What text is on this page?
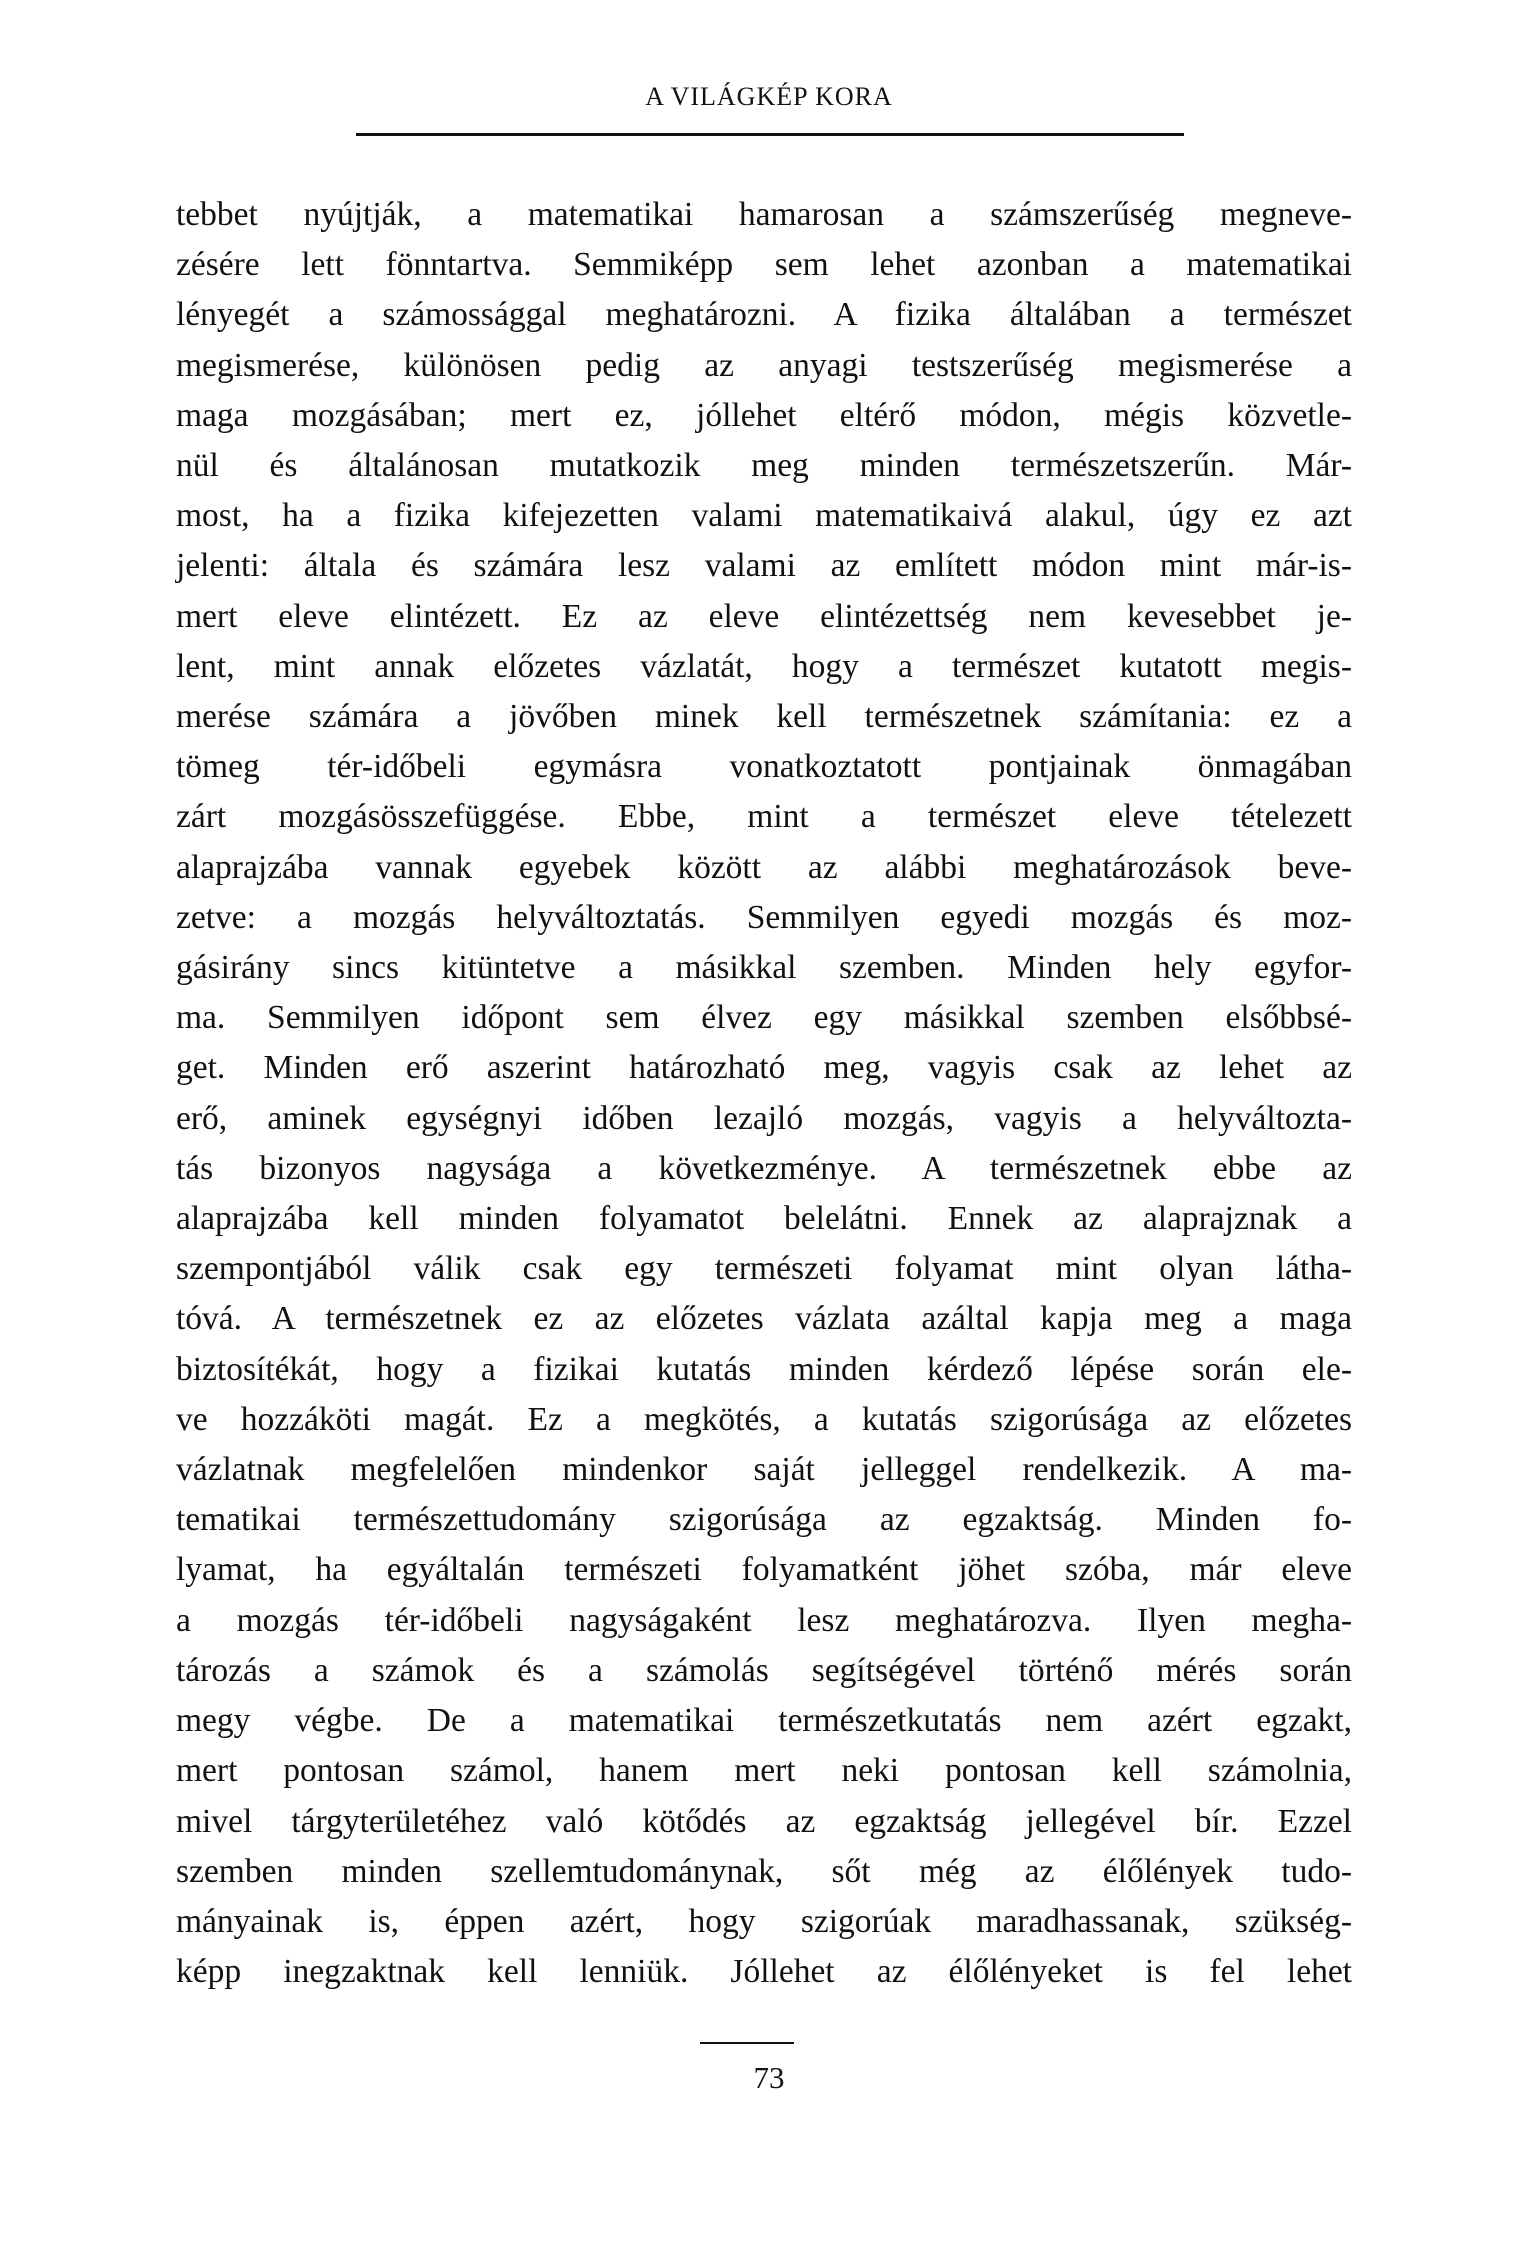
A VILÁGKÉP KORA
tebbet nyújtják, a matematikai hamarosan a számszerűség megneve-
zésére lett fönntartva. Semmiképp sem lehet azonban a matematikai
lényegét a számossággal meghatározni. A fizika általában a természet
megismerése, különösen pedig az anyagi testszerűség megismerése a
maga mozgásában; mert ez, jóllehet eltérő módon, mégis közvetle-
nül és általánosan mutatkozik meg minden természetszerűn. Már-
most, ha a fizika kifejezetten valami matematikaivá alakul, úgy ez azt
jelenti: általa és számára lesz valami az említett módon mint már-is-
mert eleve elintézett. Ez az eleve elintézettség nem kevesebbet je-
lent, mint annak előzetes vázlatát, hogy a természet kutatott megis-
merése számára a jövőben minek kell természetnek számítania: ez a
tömeg tér-időbeli egymásra vonatkoztatott pontjainak önmagában
zárt mozgásösszefüggése. Ebbe, mint a természet eleve tételezett
alaprajzába vannak egyebek között az alábbi meghatározások beve-
zetve: a mozgás helyváltoztatás. Semmilyen egyedi mozgás és moz-
gásirány sincs kitüntetve a másikkal szemben. Minden hely egyfor-
ma. Semmilyen időpont sem élvez egy másikkal szemben elsőbbsé-
get. Minden erő aszerint határozható meg, vagyis csak az lehet az
erő, aminek egységnyi időben lezajló mozgás, vagyis a helyváltozta-
tás bizonyos nagysága a következménye. A természetnek ebbe az
alaprajzába kell minden folyamatot belelátni. Ennek az alaprajznak a
szempontjából válik csak egy természeti folyamat mint olyan látha-
tóvá. A természetnek ez az előzetes vázlata azáltal kapja meg a maga
biztosítékát, hogy a fizikai kutatás minden kérdező lépése során ele-
ve hozzáköti magát. Ez a megkötés, a kutatás szigorúsága az előzetes
vázlatnak megfelelően mindenkor saját jelleggel rendelkezik. A ma-
tematikai természettudomány szigorúsága az egzaktság. Minden fo-
lyamat, ha egyáltalán természeti folyamatként jöhet szóba, már eleve
a mozgás tér-időbeli nagyságaként lesz meghatározva. Ilyen megha-
tározás a számok és a számolás segítségével történő mérés során
megy végbe. De a matematikai természetkutatás nem azért egzakt,
mert pontosan számol, hanem mert neki pontosan kell számolnia,
mivel tárgyterületéhez való kötődés az egzaktság jellegével bír. Ezzel
szemben minden szellemtudománynak, sőt még az élőlények tudo-
mányainak is, éppen azért, hogy szigorúak maradhassanak, szükség-
képp inegzaktnak kell lenniük. Jóllehet az élőlényeket is fel lehet
73
